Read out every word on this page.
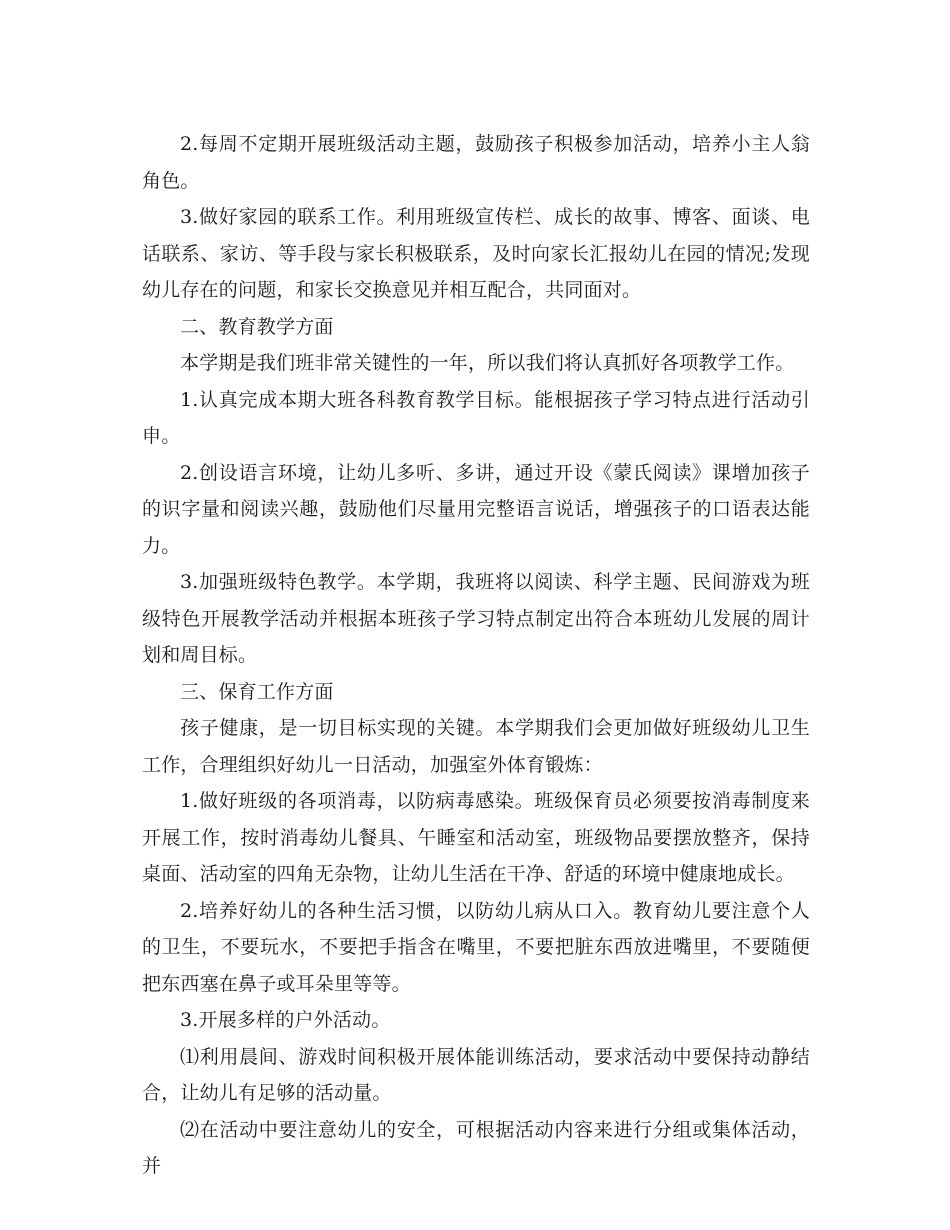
2.每周不定期开展班级活动主题，鼓励孩子积极参加活动，培养小主人翁角色。

3.做好家园的联系工作。利用班级宣传栏、成长的故事、博客、面谈、电话联系、家访、等手段与家长积极联系，及时向家长汇报幼儿在园的情况;发现幼儿存在的问题，和家长交换意见并相互配合，共同面对。

二、教育教学方面

本学期是我们班非常关键性的一年，所以我们将认真抓好各项教学工作。

1.认真完成本期大班各科教育教学目标。能根据孩子学习特点进行活动引申。

2.创设语言环境，让幼儿多听、多讲，通过开设《蒙氏阅读》课增加孩子的识字量和阅读兴趣，鼓励他们尽量用完整语言说话，增强孩子的口语表达能力。

3.加强班级特色教学。本学期，我班将以阅读、科学主题、民间游戏为班级特色开展教学活动并根据本班孩子学习特点制定出符合本班幼儿发展的周计划和周目标。

三、保育工作方面

孩子健康，是一切目标实现的关键。本学期我们会更加做好班级幼儿卫生工作，合理组织好幼儿一日活动，加强室外体育锻炼：

1.做好班级的各项消毒，以防病毒感染。班级保育员必须要按消毒制度来开展工作，按时消毒幼儿餐具、午睡室和活动室，班级物品要摆放整齐，保持桌面、活动室的四角无杂物，让幼儿生活在干净、舒适的环境中健康地成长。

2.培养好幼儿的各种生活习惯，以防幼儿病从口入。教育幼儿要注意个人的卫生，不要玩水，不要把手指含在嘴里，不要把脏东西放进嘴里，不要随便把东西塞在鼻子或耳朵里等等。

3.开展多样的户外活动。

⑴利用晨间、游戏时间积极开展体能训练活动，要求活动中要保持动静结合，让幼儿有足够的活动量。

⑵在活动中要注意幼儿的安全，可根据活动内容来进行分组或集体活动，并
